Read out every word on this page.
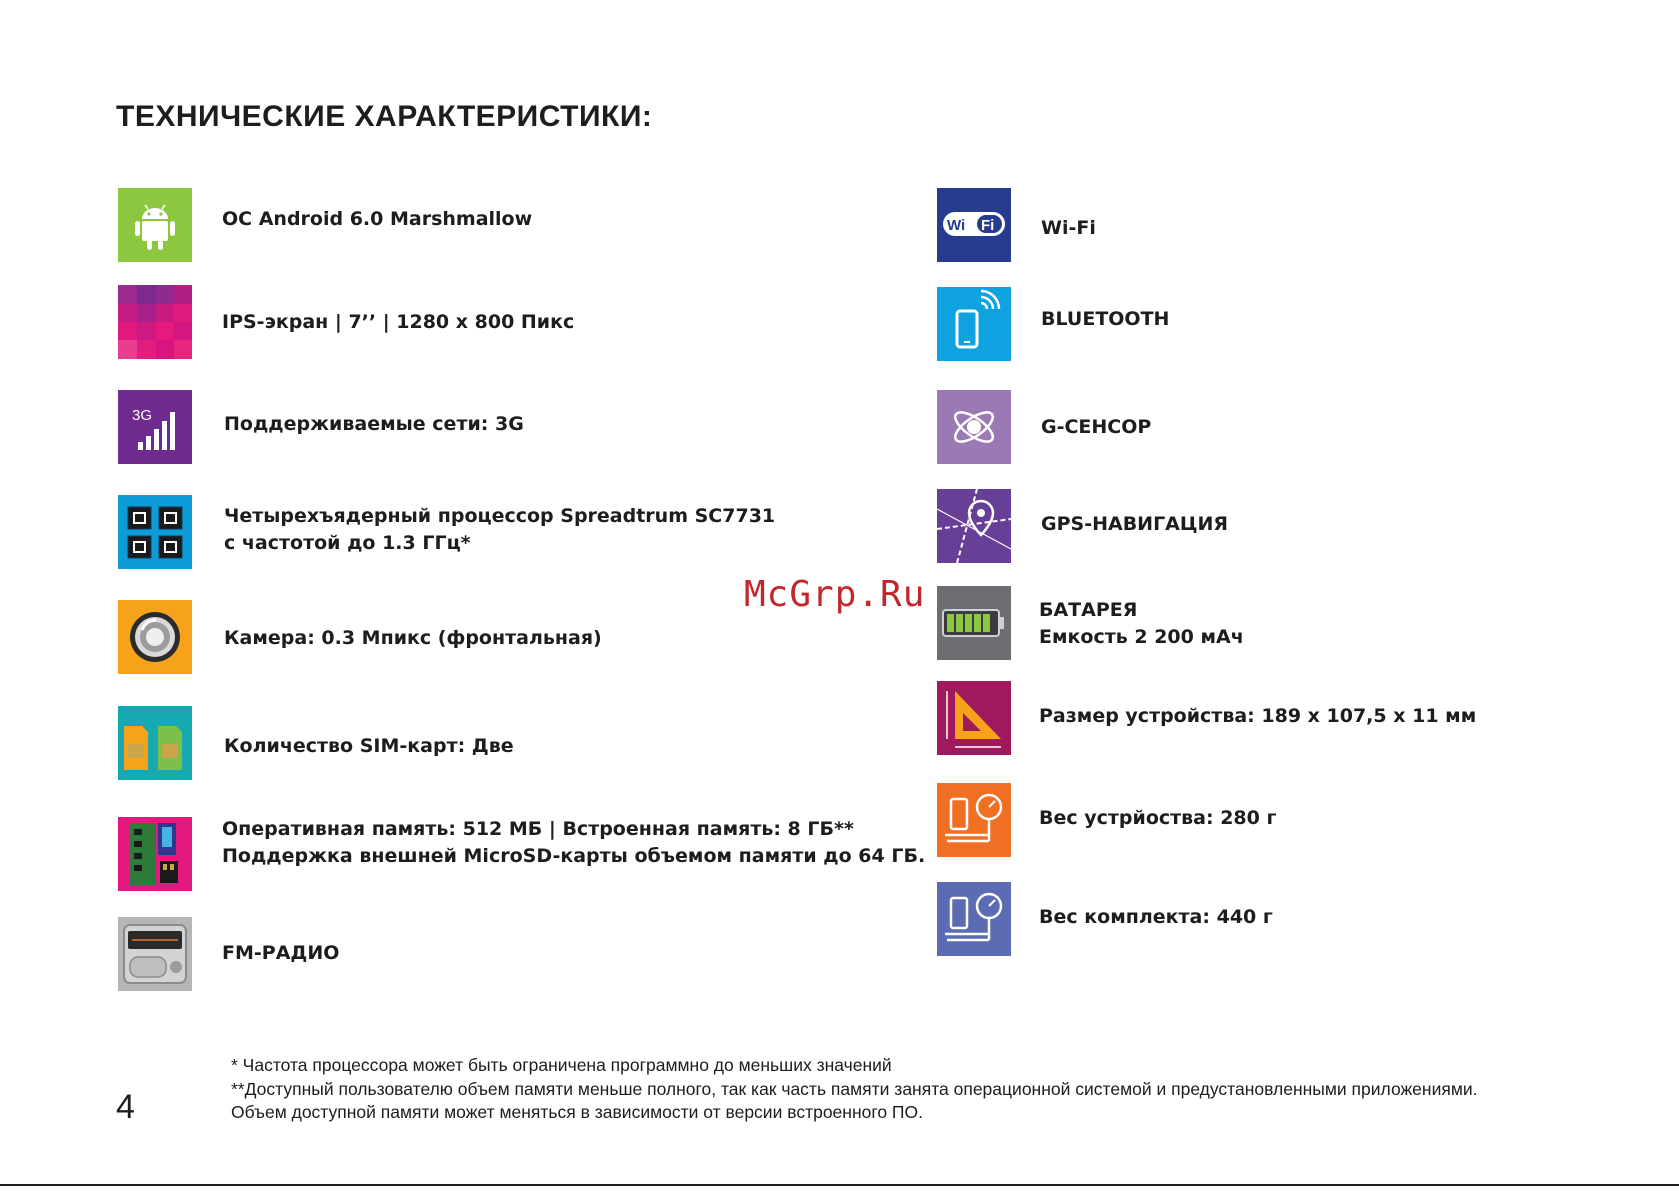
ТЕХНИЧЕСКИЕ ХАРАКТЕРИСТИКИ:
ОС Android 6.0 Marshmallow
IPS-экран | 7’’ | 1280 x 800 Пикс
3G	Поддерживаемые сети: 3G
Четырехъядерный процессор Spreadtrum SC7731
с частотой до 1.3 ГГц*
Камера: 0.3 Мпикс (фронтальная)
Количество SIM-карт: Две
Оперативная память: 512 МБ | Встроенная память: 8 ГБ**
Поддержка внешней MicroSD-карты объемом памяти до 64 ГБ.
FM-РАДИО
Wi Fi Wi-Fi
BLUETOOTH
G-СЕНСОР
GPS-НАВИГАЦИЯ
БАТАРЕЯ
Емкость 2 200 мАч
Размер устройства: 189 x 107,5 x 11 мм
Вес устрйоства: 280 г
Вес комплекта: 440 г
McGrp.Ru
* Частота процессора может быть ограничена программно до меньших значений
**Доступный пользователю объем памяти меньше полного, так как часть памяти занята операционной системой и предустановленными приложениями.
Объем доступной памяти может меняться в зависимости от версии встроенного ПО.
4
